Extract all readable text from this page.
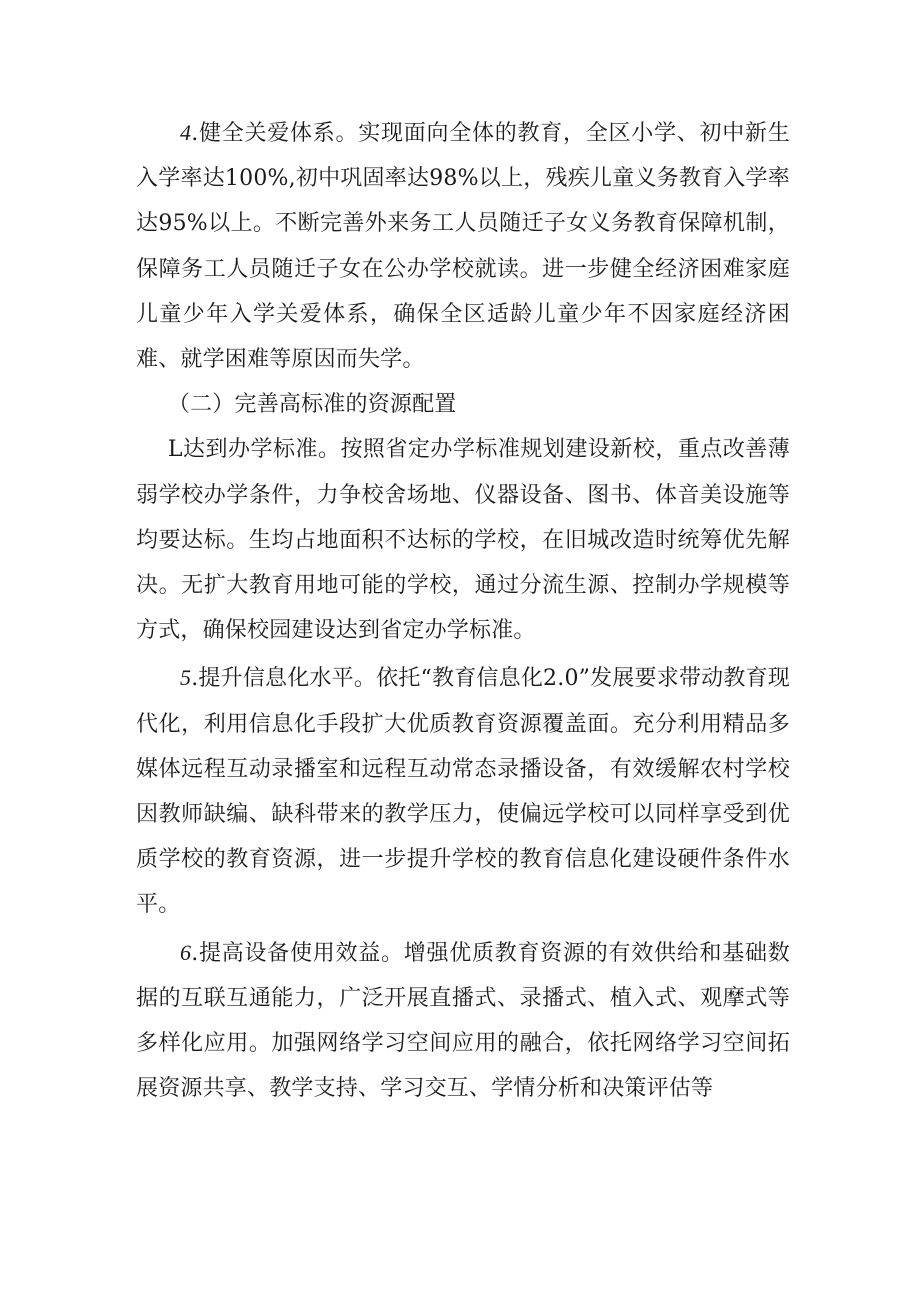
4.健全关爱体系。实现面向全体的教育，全区小学、初中新生入学率达100%,初中巩固率达98%以上，残疾儿童义务教育入学率达95%以上。不断完善外来务工人员随迁子女义务教育保障机制，保障务工人员随迁子女在公办学校就读。进一步健全经济困难家庭儿童少年入学关爱体系，确保全区适龄儿童少年不因家庭经济困难、就学困难等原因而失学。

（二）完善高标准的资源配置

L达到办学标准。按照省定办学标准规划建设新校，重点改善薄弱学校办学条件，力争校舍场地、仪器设备、图书、体音美设施等均要达标。生均占地面积不达标的学校，在旧城改造时统筹优先解决。无扩大教育用地可能的学校，通过分流生源、控制办学规模等方式，确保校园建设达到省定办学标准。

5.提升信息化水平。依托“教育信息化2.0”发展要求带动教育现代化，利用信息化手段扩大优质教育资源覆盖面。充分利用精品多媒体远程互动录播室和远程互动常态录播设备，有效缓解农村学校因教师缺编、缺科带来的教学压力，使偏远学校可以同样享受到优质学校的教育资源，进一步提升学校的教育信息化建设硬件条件水平。

6.提高设备使用效益。增强优质教育资源的有效供给和基础数据的互联互通能力，广泛开展直播式、录播式、植入式、观摩式等多样化应用。加强网络学习空间应用的融合，依托网络学习空间拓展资源共享、教学支持、学习交互、学情分析和决策评估等
